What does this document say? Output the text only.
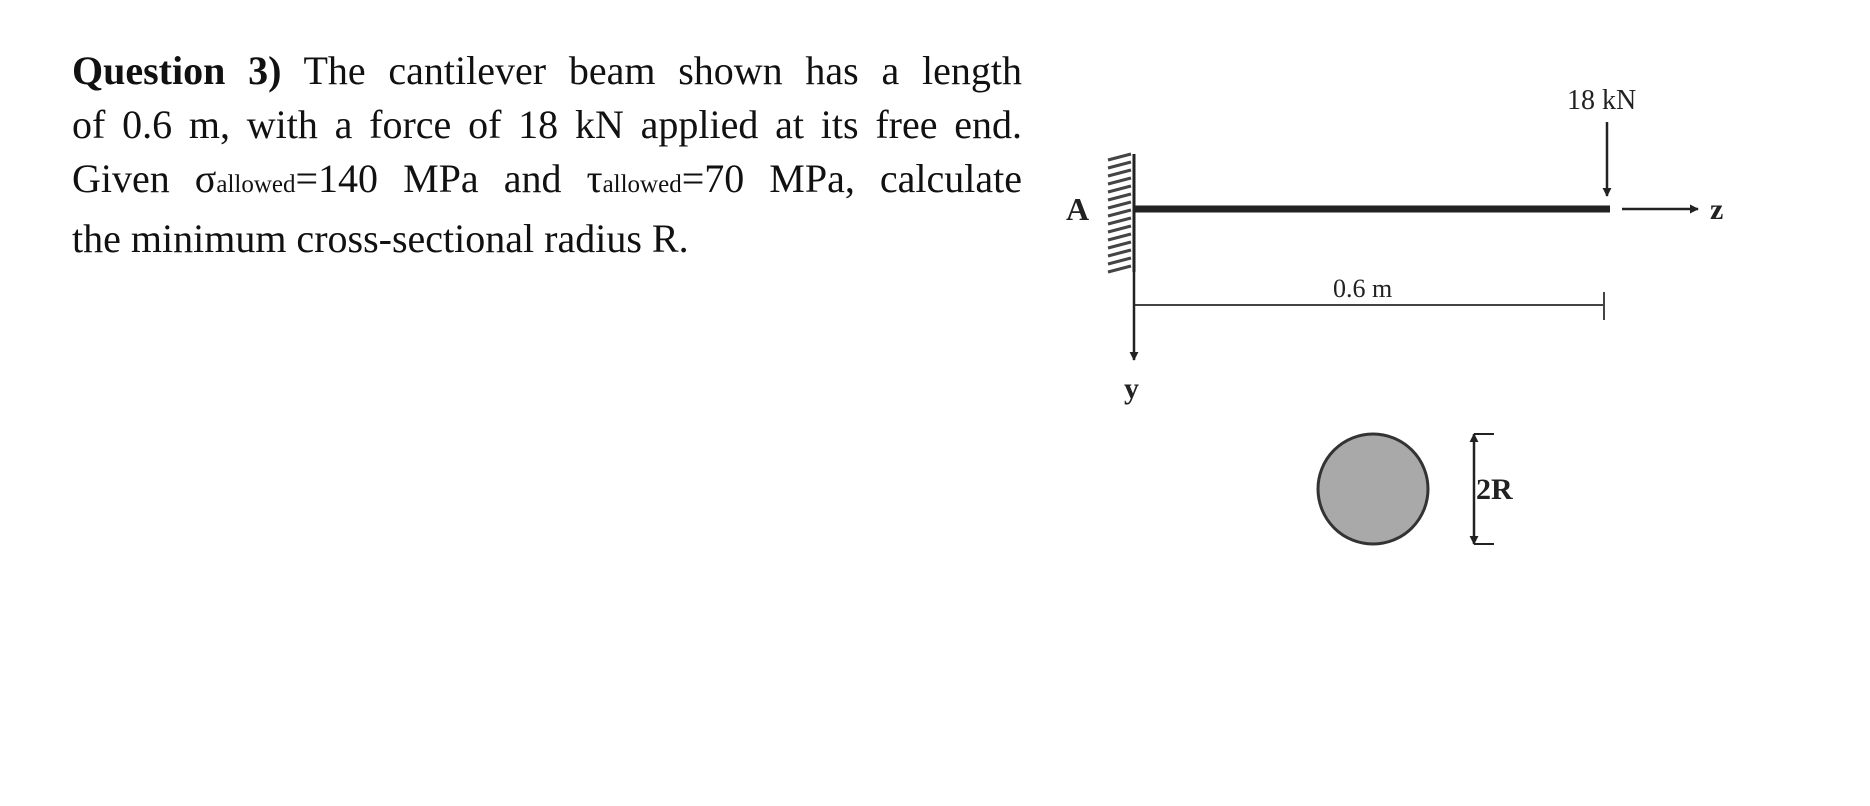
Question 3) The cantilever beam shown has a length
of 0.6 m, with a force of 18 kN applied at its free end.
Given σallowed=140 MPa and τallowed=70 MPa, calculate
the minimum cross-sectional radius R.
A
18 kN
z
0.6 m
y
2R
